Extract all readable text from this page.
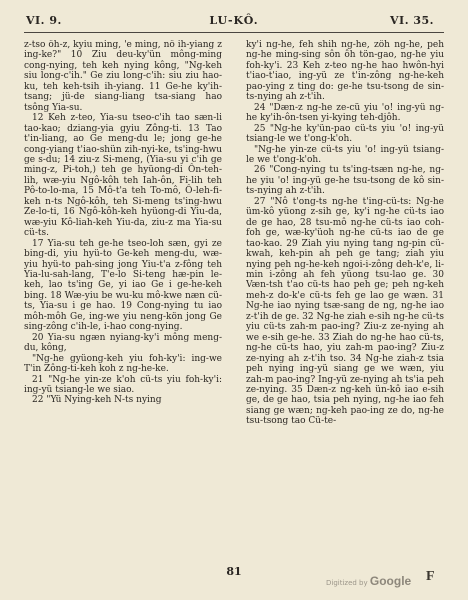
VI. 9.	LU-KÔ.	VI. 35.

z-tso ôh-z, kyiu ming, 'e ming, nô ih-yiang z ing-ke?" 10 Ziu deu-ky'ün mông-ming cong-nying, teh keh nying kông, "Ng-keh siu long-c'ih." Ge ziu long-c'ih: siu ziu hao-ku, teh keh-tsih ih-yiang. 11 Ge-he ky'ih-tsang; jü-de siang-liang tsa-siang hao tsông Yia-su.

12 Keh z-teo, Yia-su tseo-c'ih tao sæn-li tao-kao; dziang-yia gyiu Zông-ti. 13 Tao t'in-liang, ao Ge meng-du le; jong ge-he cong-yiang t'iao-shün zih-nyi-ke, ts'ing-hwu ge s-du; 14 ziu-z Si-meng, (Yia-su yi c'ih ge ming-z, Pi-toh,) teh ge hyüong-di Ôn-teh-lih, wæ-yiu Ngô-kôh teh Iah-ôn, Fi-lih teh Pô-to-lo-ma, 15 Mô-t'a teh To-mô, Ô-leh-fi-keh n-ts Ngô-kôh, teh Si-meng ts'ing-hwu Ze-lo-ti, 16 Ngô-kôh-keh hyüong-di Yiu-da, wæ-yiu Kô-liah-keh Yiu-da, ziu-z ma Yia-su cü-ts.

17 Yia-su teh ge-he tseo-loh sæn, gyi ze bing-di, yiu hyü-to Ge-keh meng-du, wæ-yiu hyü-to pah-sing jong Yiu-t'a z-fông teh Yia-lu-sah-lang, T'e-lo Si-teng hæ-pin le-keh, lao ts'ing Ge, yi iao Ge i ge-he-keh bing. 18 Wæ-yiu be wu-ku mô-kwe næn cü-ts, Yia-su i ge hao. 19 Cong-nying tu iao môh-môh Ge, ing-we yiu neng-kön jong Ge sing-zông c'ih-le, i-hao cong-nying.

20 Yia-su ngæn nyiang-ky'i mông meng-du, kông,

"Ng-he gyüong-keh yiu foh-ky'i: ing-we T'in Zông-ti-keh koh z ng-he-ke.

21 "Ng-he yin-ze k'oh cü-ts yiu foh-ky'i: ing-yü tsiang-le we siao.

22 "Yü Nying-keh N-ts nying

ky'i ng-he, feh shih ng-he, zôh ng-he, peh ng-he ming-sing sôn ôh tön-gao, ng-he yiu foh-ky'i. 23 Keh z-teo ng-he hao hwôn-hyi t'iao-t'iao, ing-yü ze t'in-zông ng-he-keh pao-ying z ting do: ge-he tsu-tsong de sin-ts-nying ah z-t'ih.

24 "Dæn-z ng-he ze-cü yiu 'o! ing-yü ng-he ky'ih-ôn-tsen yi-kying teh-djôh.

25 "Ng-he ky'ün-pao cü-ts yiu 'o! ing-yü tsiang-le we t'ong-k'oh.

"Ng-he yin-ze cü-ts yiu 'o! ing-yü tsiang-le we t'ong-k'oh.

26 "Cong-nying tu ts'ing-tsæn ng-he, ng-he yiu 'o! ing-yü ge-he tsu-tsong de kô sin-ts-nying ah z-t'ih.

27 "Nô t'ong-ts ng-he t'ing-cü-ts: Ng-he üm-kô yüong z-sih ge, ky'i ng-he cü-ts iao de ge hao, 28 tsu-mô ng-he cü-ts iao coh-foh ge, wæ-ky'üoh ng-he cü-ts iao de ge tao-kao. 29 Ziah yiu nying tang ng-pin cü-kwah, keh-pin ah peh ge tang; ziah yiu nying peh ng-he-keh ngoi-i-zông deh-k'e, li-min i-zông ah feh yüong tsu-lao ge. 30 Væn-tsh t'ao cü-ts hao peh ge; peh ng-keh meh-z do-k'e cü-ts feh ge lao ge wæn. 31 Ng-he iao nying tsæ-sang de ng, ng-he iao z-t'ih de ge. 32 Ng-he ziah e-sih ng-he cü-ts yiu cü-ts zah-m pao-ing? Ziu-z ze-nying ah we e-sih ge-he. 33 Ziah do ng-he hao cü-ts, ng-he cü-ts hao, yiu zah-m pao-ing? Ziu-z ze-nying ah z-t'ih tso. 34 Ng-he ziah-z tsia peh nying ing-yü siang ge we wæn, yiu zah-m pao-ing? Ing-yü ze-nying ah ts'ia peh ze-nying. 35 Dæn-z ng-keh ün-kô iao e-sih ge, de ge hao, tsia peh nying, ng-he iao feh siang ge wæn; ng-keh pao-ing ze do, ng-he tsu-tsong tao Cü-te-

81
Digitized by Google F
